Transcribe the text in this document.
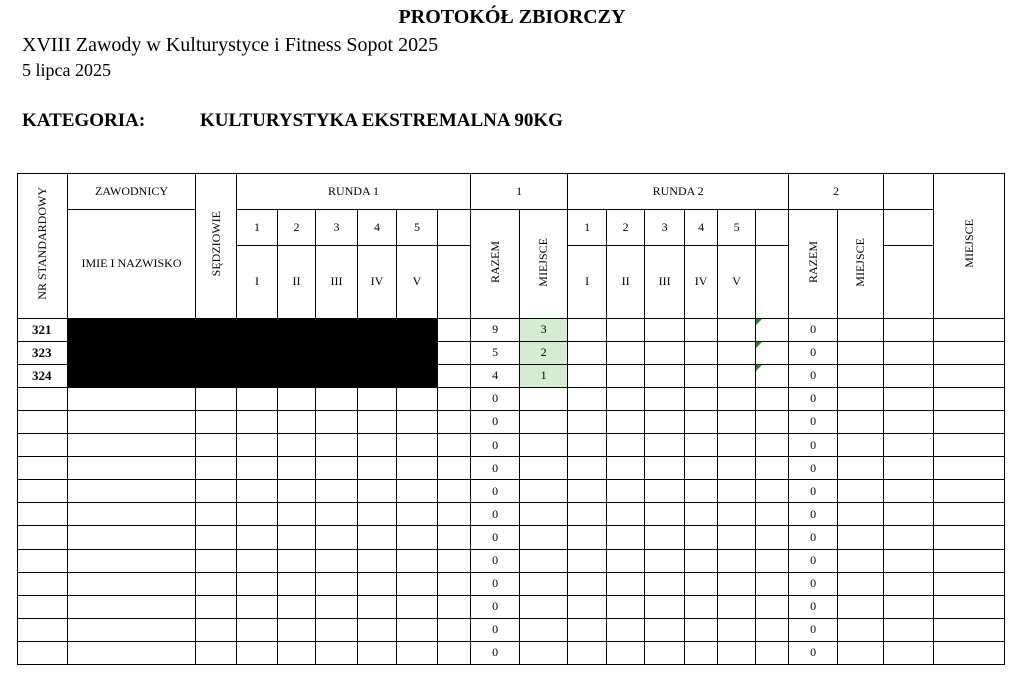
PROTOKÓŁ ZBIORCZY
XVIII Zawody w Kulturystyce i Fitness Sopot 2025
5 lipca 2025
KATEGORIA:	KULTURYSTYKA EKSTREMALNA 90KG
NR STANDARDOWY	ZAWODNICY	SĘDZIOWIE	RUNDA 1						1		RUNDA 2						2			MIEJSCE
	IMIE I NAZWISKO		1	2	3	4	5		RAZEM	MIEJSCE	1	2	3	4	5		RAZEM	MIEJSCE		
			I	II	III	IV	V				I	II	III	IV	V					
321									9	3							0			
323									5	2							0			
324									4	1							0			
									0								0			
									0								0			
									0								0			
									0								0			
									0								0			
									0								0			
									0								0			
									0								0			
									0								0			
									0								0			
									0								0			
									0								0			
